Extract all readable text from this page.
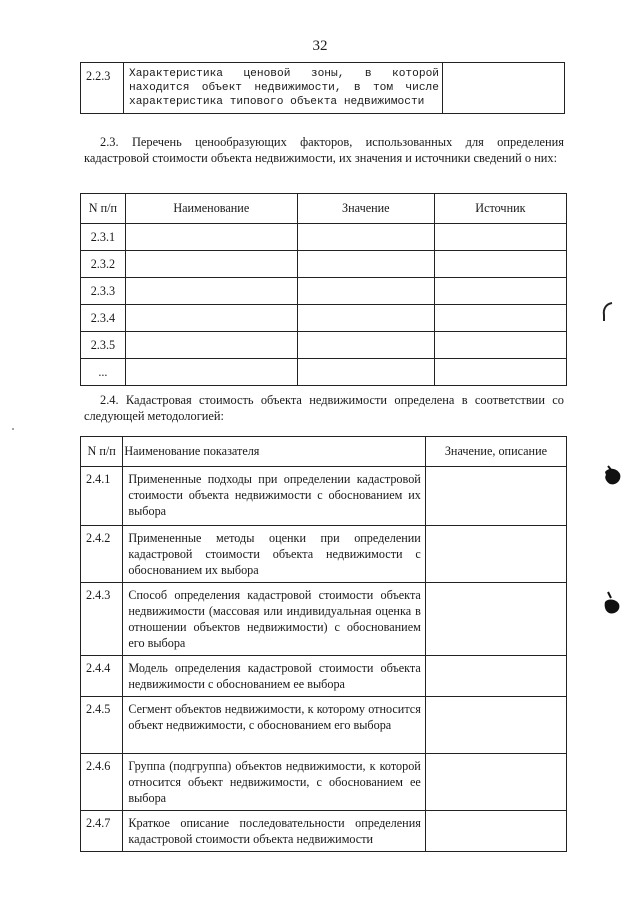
32
2.2.3	Характеристика ценовой зоны, в которой находится объект недвижимости, в том числе характеристика типового объекта недвижимости	
2.3. Перечень ценообразующих факторов, использованных для определения кадастровой стоимости объекта недвижимости, их значения и источники сведений о них:
N п/п	Наименование	Значение	Источник
2.3.1			
2.3.2			
2.3.3			
2.3.4			
2.3.5			
...			
2.4. Кадастровая стоимость объекта недвижимости определена в соответствии со следующей методологией:
N п/п	Наименование показателя	Значение, описание
2.4.1	Примененные подходы при определении кадастровой стоимости объекта недвижимости с обоснованием их выбора	
2.4.2	Примененные методы оценки при определении кадастровой стоимости объекта недвижимости с обоснованием их выбора	
2.4.3	Способ определения кадастровой стоимости объекта недвижимости (массовая или индивидуальная оценка в отношении объектов недвижимости) с обоснованием его выбора	
2.4.4	Модель определения кадастровой стоимости объекта недвижимости с обоснованием ее выбора	
2.4.5	Сегмент объектов недвижимости, к которому относится объект недвижимости, с обоснованием его выбора	
2.4.6	Группа (подгруппа) объектов недвижимости, к которой относится объект недвижимости, с обоснованием ее выбора	
2.4.7	Краткое описание последовательности определения кадастровой стоимости объекта недвижимости	
